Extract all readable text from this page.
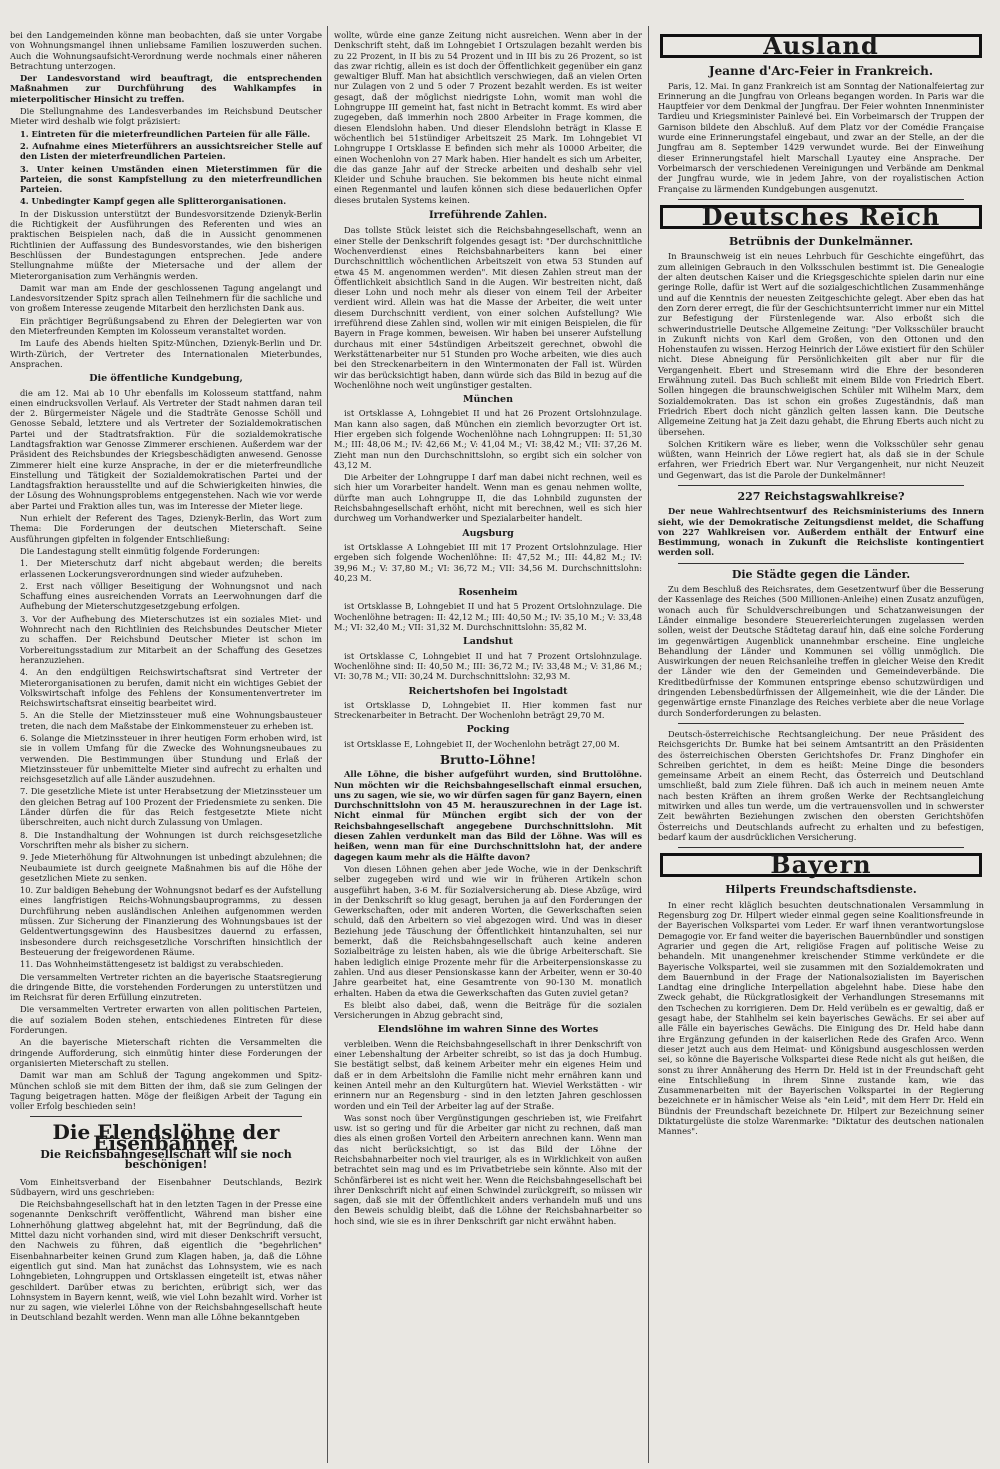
bei den Landgemeinden könne man beobachten, daß sie unter Vorgabe von Wohnungsmangel ihnen unliebsame Familien loszuwerden suchen. Auch die Wohnungsaufsicht-Verordnung werde nochmals einer näheren Betrachtung unterzogen.

Der Landesvorstand wird beauftragt, die entsprechenden Maßnahmen zur Durchführung des Wahlkampfes in mieterpolitischer Hinsicht zu treffen.

Die Stellungnahme des Landesverbandes im Reichsbund Deutscher Mieter wird deshalb wie folgt präzisiert:

1. Eintreten für die mieterfreundlichen Parteien für alle Fälle.

2. Aufnahme eines Mieterführers an aussichtsreicher Stelle auf den Listen der mieterfreundlichen Parteien.

3. Unter keinen Umständen einen Mieterstimmen für die Parteien, die sonst Kampfstellung zu den mieterfreundlichen Parteien.

4. Unbedingter Kampf gegen alle Splitterorganisationen.

In der Diskussion unterstützt der Bundesvorsitzende Dzienyk-Berlin die Richtigkeit der Ausführungen des Referenten und wies an praktischen Beispielen nach, daß die in Aussicht genommenen Richtlinien der Auffassung des Bundesvorstandes, wie den bisherigen Beschlüssen der Bundestagungen entsprechen. Jede andere Stellungnahme müßte der Mietersache und der allem der Mieterorganisation zum Verhängnis werden.

Damit war man am Ende der geschlossenen Tagung angelangt und Landesvorsitzender Spitz sprach allen Teilnehmern für die sachliche und von großem Interesse zeugende Mitarbeit den herzlichsten Dank aus.

Ein prächtiger Begrüßungsabend zu Ehren der Delegierten war von den Mieterfreunden Kempten im Kolosseum veranstaltet worden.

Im Laufe des Abends hielten Spitz-München, Dzienyk-Berlin und Dr. Wirth-Zürich, der Vertreter des Internationalen Mieterbundes, Ansprachen.

Die öffentliche Kundgebung,

die am 12. Mai ab 10 Uhr ebenfalls im Kolosseum stattfand, nahm einen eindrucksvollen Verlauf. Als Vertreter der Stadt nahmen daran teil der 2. Bürgermeister Nägele und die Stadträte Genosse Schöll und Genosse Sebald, letztere und als Vertreter der Sozialdemokratischen Partei und der Stadtratsfraktion. Für die sozialdemokratische Landtagsfraktion war Genosse Zimmerer erschienen. Außerdem war der Präsident des Reichsbundes der Kriegsbeschädigten anwesend. Genosse Zimmerer hielt eine kurze Ansprache, in der er die mieterfreundliche Einstellung und Tätigkeit der Sozialdemokratischen Partei und der Landtagsfraktion herausstellte und auf die Schwierigkeiten hinwies, die der Lösung des Wohnungsproblems entgegenstehen. Nach wie vor werde aber Partei und Fraktion alles tun, was im Interesse der Mieter liege.

Nun erhielt der Referent des Tages, Dzienyk-Berlin, das Wort zum Thema: Die Forderungen der deutschen Mieterschaft. Seine Ausführungen gipfelten in folgender Entschließung:

Die Landestagung stellt einmütig folgende Forderungen:

1. Der Mieterschutz darf nicht abgebaut werden; die bereits erlassenen Lockerungsverordnungen sind wieder aufzuheben.

2. Erst nach völliger Beseitigung der Wohnungsnot und nach Schaffung eines ausreichenden Vorrats an Leerwohnungen darf die Aufhebung der Mieterschutzgesetzgebung erfolgen.

3. Vor der Aufhebung des Mieterschutzes ist ein soziales Miet- und Wohnrecht nach den Richtlinien des Reichsbundes Deutscher Mieter zu schaffen. Der Reichsbund Deutscher Mieter ist schon im Vorbereitungsstadium zur Mitarbeit an der Schaffung des Gesetzes heranzuziehen.

4. An den endgültigen Reichswirtschaftsrat sind Vertreter der Mieterorganisationen zu berufen, damit nicht ein wichtiges Gebiet der Volkswirtschaft infolge des Fehlens der Konsumentenvertreter im Reichswirtschaftsrat einseitig bearbeitet wird.

5. An die Stelle der Mietzinssteuer muß eine Wohnungsbausteuer treten, die nach dem Maßstabe der Einkommensteuer zu erheben ist.

6. Solange die Mietzinssteuer in ihrer heutigen Form erhoben wird, ist sie in vollem Umfang für die Zwecke des Wohnungsneubaues zu verwenden. Die Bestimmungen über Stundung und Erlaß der Mietzinssteuer für unbemittelte Mieter sind aufrecht zu erhalten und reichsgesetzlich auf alle Länder auszudehnen.

7. Die gesetzliche Miete ist unter Herabsetzung der Mietzinssteuer um den gleichen Betrag auf 100 Prozent der Friedensmiete zu senken. Die Länder dürfen die für das Reich festgesetzte Miete nicht überschreiten, auch nicht durch Zulassung von Umlagen.

8. Die Instandhaltung der Wohnungen ist durch reichsgesetzliche Vorschriften mehr als bisher zu sichern.

9. Jede Mieterhöhung für Altwohnungen ist unbedingt abzulehnen; die Neubaumiete ist durch geeignete Maßnahmen bis auf die Höhe der gesetzlichen Miete zu senken.

10. Zur baldigen Behebung der Wohnungsnot bedarf es der Aufstellung eines langfristigen Reichs-Wohnungsbauprogramms, zu dessen Durchführung neben ausländischen Anleihen aufgenommen werden müssen. Zur Sicherung der Finanzierung des Wohnungsbaues ist der Geldentwertungsgewinn des Hausbesitzes dauernd zu erfassen, insbesondere durch reichsgesetzliche Vorschriften hinsichtlich der Besteuerung der freigewordenen Räume.

11. Das Wohnheimstättengesetz ist baldigst zu verabschieden.

Die versammelten Vertreter richten an die bayerische Staatsregierung die dringende Bitte, die vorstehenden Forderungen zu unterstützen und im Reichsrat für deren Erfüllung einzutreten.

Die versammelten Vertreter erwarten von allen politischen Parteien, die auf sozialem Boden stehen, entschiedenes Eintreten für diese Forderungen.

An die bayerische Mieterschaft richten die Versammelten die dringende Aufforderung, sich einmütig hinter diese Forderungen der organisierten Mieterschaft zu stellen.

Damit war man am Schluß der Tagung angekommen und Spitz-München schloß sie mit dem Bitten der ihm, daß sie zum Gelingen der Tagung beigetragen hatten. Möge der fleißigen Arbeit der Tagung ein voller Erfolg beschieden sein!

Die Elendslöhne der Eisenbahner.
Die Reichsbahngesellschaft will sie noch beschönigen!

Vom Einheitsverband der Eisenbahner Deutschlands, Bezirk Südbayern, wird uns geschrieben:

Die Reichsbahngesellschaft hat in den letzten Tagen in der Presse eine sogenannte Denkschrift veröffentlicht, Während man bisher eine Lohnerhöhung glattweg abgelehnt hat, mit der Begründung, daß die Mittel dazu nicht vorhanden sind, wird mit dieser Denkschrift versucht, den Nachweis zu führen, daß eigentlich die "begehrlichen" Eisenbahnarbeiter keinen Grund zum Klagen haben, ja, daß die Löhne eigentlich gut sind. Man hat zunächst das Lohnsystem, wie es nach Lohngebieten, Lohngruppen und Ortsklassen eingeteilt ist, etwas näher geschildert. Darüber etwas zu berichten, erübrigt sich, wer das Lohnsystem in Bayern kennt, weiß, wie viel Lohn bezahlt wird. Vorher ist nur zu sagen, wie vielerlei Löhne von der Reichsbahngesellschaft heute in Deutschland bezahlt werden. Wenn man alle Löhne bekanntgeben

wollte, würde eine ganze Zeitung nicht ausreichen. Wenn aber in der Denkschrift steht, daß im Lohngebiet I Ortszulagen bezahlt werden bis zu 22 Prozent, in II bis zu 54 Prozent und in III bis zu 26 Prozent, so ist das zwar richtig, allein es ist doch der Öffentlichkeit gegenüber ein ganz gewaltiger Bluff. Man hat absichtlich verschwiegen, daß an vielen Orten nur Zulagen von 2 und 5 oder 7 Prozent bezahlt werden. Es ist weiter gesagt, daß der möglichst niedrigste Lohn, womit man wohl die Lohngruppe III gemeint hat, fast nicht in Betracht kommt. Es wird aber zugegeben, daß immerhin noch 2800 Arbeiter in Frage kommen, die diesen Elendslohn haben. Und dieser Elendslohn beträgt in Klasse E wöchentlich bei 51stündiger Arbeitszeit 25 Mark. Im Lohngebiet VI Lohngruppe I Ortsklasse E befinden sich mehr als 10000 Arbeiter, die einen Wochenlohn von 27 Mark haben. Hier handelt es sich um Arbeiter, die das ganze Jahr auf der Strecke arbeiten und deshalb sehr viel Kleider und Schuhe brauchen. Sie bekommen bis heute nicht einmal einen Regenmantel und laufen können sich diese bedauerlichen Opfer dieses brutalen Systems keinen.

Irreführende Zahlen.

Das tollste Stück leistet sich die Reichsbahngesellschaft, wenn an einer Stelle der Denkschrift folgendes gesagt ist: "Der durchschnittliche Wochenverdienst eines Reichsbahnarbeiters kann bei einer Durchschnittlich wöchentlichen Arbeitszeit von etwa 53 Stunden auf etwa 45 M. angenommen werden". Mit diesen Zahlen streut man der Öffentlichkeit absichtlich Sand in die Augen. Wir bestreiten nicht, daß dieser Lohn und noch mehr als dieser von einem Teil der Arbeiter verdient wird. Allein was hat die Masse der Arbeiter, die weit unter diesem Durchschnitt verdient, von einer solchen Aufstellung? Wie irreführend diese Zahlen sind, wollen wir mit einigen Beispielen, die für Bayern in Frage kommen, beweisen. Wir haben bei unserer Aufstellung durchaus mit einer 54stündigen Arbeitszeit gerechnet, obwohl die Werkstättenarbeiter nur 51 Stunden pro Woche arbeiten, wie dies auch bei den Streckenarbeitern in den Wintermonaten der Fall ist. Würden wir das berücksichtigt haben, dann würde sich das Bild in bezug auf die Wochenlöhne noch weit ungünstiger gestalten.

München

ist Ortsklasse A, Lohngebiet II und hat 26 Prozent Ortslohnzulage. Man kann also sagen, daß München ein ziemlich bevorzugter Ort ist. Hier ergeben sich folgende Wochenlöhne nach Lohngruppen: II: 51,30 M.; III: 48,06 M.; IV: 42,66 M.; V: 41,04 M.; VI: 38,42 M.; VII: 37,26 M. Zieht man nun den Durchschnittslohn, so ergibt sich ein solcher von 43,12 M.

Die Arbeiter der Lohngruppe I darf man dabei nicht rechnen, weil es sich hier um Vorarbeiter handelt. Wenn man es genau nehmen wollte, dürfte man auch Lohngruppe II, die das Lohnbild zugunsten der Reichsbahngesellschaft erhöht, nicht mit berechnen, weil es sich hier durchweg um Vorhandwerker und Spezialarbeiter handelt.

Augsburg

ist Ortsklasse A Lohngebiet III mit 17 Prozent Ortslohnzulage. Hier ergeben sich folgende Wochenlöhne: II: 47,52 M.; III: 44,82 M.; IV: 39,96 M.; V: 37,80 M.; VI: 36,72 M.; VII: 34,56 M. Durchschnittslohn: 40,23 M.

Rosenheim

ist Ortsklasse B, Lohngebiet II und hat 5 Prozent Ortslohnzulage. Die Wochenlöhne betragen: II: 42,12 M.; III: 40,50 M.; IV: 35,10 M.; V: 33,48 M.; VI: 32,40 M.; VII: 31,32 M. Durchschnittslohn: 35,82 M.

Landshut

ist Ortsklasse C, Lohngebiet II und hat 7 Prozent Ortslohnzulage. Wochenlöhne sind: II: 40,50 M.; III: 36,72 M.; IV: 33,48 M.; V: 31,86 M.; VI: 30,78 M.; VII: 30,24 M. Durchschnittslohn: 32,93 M.

Reichertshofen bei Ingolstadt

ist Ortsklasse D, Lohngebiet II. Hier kommen fast nur Streckenarbeiter in Betracht. Der Wochenlohn beträgt 29,70 M.

Pocking

ist Ortsklasse E, Lohngebiet II, der Wochenlohn beträgt 27,00 M.

Brutto-Löhne!

Alle Löhne, die bisher aufgeführt wurden, sind Bruttolöhne. Nun möchten wir die Reichsbahngesellschaft einmal ersuchen, uns zu sagen, wie sie, wo wir dürfen sagen für ganz Bayern, einen Durchschnittslohn von 45 M. herauszurechnen in der Lage ist. Nicht einmal für München ergibt sich der von der Reichsbahngesellschaft angegebene Durchschnittslohn. Mit diesen Zahlen verdunkelt man das Bild der Löhne. Was will es heißen, wenn man für eine Durchschnittslohn hat, der andere dagegen kaum mehr als die Hälfte davon?

Von diesen Löhnen gehen aber jede Woche, wie in der Denkschrift selber zugegeben wird und wie wir in früheren Artikeln schon ausgeführt haben, 3-6 M. für Sozialversicherung ab. Diese Abzüge, wird in der Denkschrift so klug gesagt, beruhen ja auf den Forderungen der Gewerkschaften, oder mit anderen Worten, die Gewerkschaften seien schuld, daß den Arbeitern so viel abgezogen wird. Und was in dieser Beziehung jede Täuschung der Öffentlichkeit hintanzuhalten, sei nur bemerkt, daß die Reichsbahngesellschaft auch keine anderen Sozialbeiträge zu leisten haben, als wie die übrige Arbeiterschaft. Sie haben lediglich einige Prozente mehr für die Arbeiterpensionskasse zu zahlen. Und aus dieser Pensionskasse kann der Arbeiter, wenn er 30-40 Jahre gearbeitet hat, eine Gesamtrente von 90-130 M. monatlich erhalten. Haben da etwa die Gewerkschaften das Guten zuviel getan?

Es bleibt also dabei, daß, wenn die Beiträge für die sozialen Versicherungen in Abzug gebracht sind,

Elendslöhne im wahren Sinne des Wortes

verbleiben. Wenn die Reichsbahngesellschaft in ihrer Denkschrift von einer Lebenshaltung der Arbeiter schreibt, so ist das ja doch Humbug. Sie bestätigt selbst, daß keinem Arbeiter mehr ein eigenes Heim und daß er in dem Arbeitslohn die Familie nicht mehr ernähren kann und keinen Anteil mehr an den Kulturgütern hat. Wieviel Werkstätten - wir erinnern nur an Regensburg - sind in den letzten Jahren geschlossen worden und ein Teil der Arbeiter lag auf der Straße.

Was sonst noch über Vergünstigungen geschrieben ist, wie Freifahrt usw. ist so gering und für die Arbeiter gar nicht zu rechnen, daß man dies als einen großen Vorteil den Arbeitern anrechnen kann. Wenn man das nicht berücksichtigt, so ist das Bild der Löhne der Reichsbahnarbeiter noch viel trauriger, als es in Wirklichkeit von außen betrachtet sein mag und es im Privatbetriebe sein könnte. Also mit der Schönfärberei ist es nicht weit her. Wenn die Reichsbahngesellschaft bei ihrer Denkschrift nicht auf einen Schwindel zurückgreift, so müssen wir sagen, daß sie mit der Öffentlichkeit anders verhandeln muß und uns den Beweis schuldig bleibt, daß die Löhne der Reichsbahnarbeiter so hoch sind, wie sie es in ihrer Denkschrift gar nicht erwähnt haben.

Ausland
Jeanne d'Arc-Feier in Frankreich.

Paris, 12. Mai. In ganz Frankreich ist am Sonntag der Nationalfeiertag zur Erinnerung an die Jungfrau von Orleans begangen worden. In Paris war die Hauptfeier vor dem Denkmal der Jungfrau. Der Feier wohnten Innenminister Tardieu und Kriegsminister Painlevé bei. Ein Vorbeimarsch der Truppen der Garnison bildete den Abschluß. Auf dem Platz vor der Comédie Française wurde eine Erinnerungstafel eingebaut, und zwar an der Stelle, an der die Jungfrau am 8. September 1429 verwundet wurde. Bei der Einweihung dieser Erinnerungstafel hielt Marschall Lyautey eine Ansprache. Der Vorbeimarsch der verschiedenen Vereinigungen und Verbände am Denkmal der Jungfrau wurde, wie in jedem Jahre, von der royalistischen Action Française zu lärmenden Kundgebungen ausgenutzt.

Deutsches Reich
Betrübnis der Dunkelmänner.

In Braunschweig ist ein neues Lehrbuch für Geschichte eingeführt, das zum alleinigen Gebrauch in den Volksschulen bestimmt ist. Die Genealogie der alten deutschen Kaiser und die Kriegsgeschichte spielen darin nur eine geringe Rolle, dafür ist Wert auf die sozialgeschichtlichen Zusammenhänge und auf die Kenntnis der neuesten Zeitgeschichte gelegt. Aber eben das hat den Zorn derer erregt, die für der Geschichtsunterricht immer nur ein Mittel zur Befestigung der Fürstenlegende war. Also erboßt sich die schwerindustrielle Deutsche Allgemeine Zeitung: "Der Volksschüler braucht in Zukunft nichts von Karl dem Großen, von den Ottonen und den Hohenstaufen zu wissen. Herzog Heinrich der Löwe existiert für den Schüler nicht. Diese Abneigung für Persönlichkeiten gilt aber nur für die Vergangenheit. Ebert und Stresemann wird die Ehre der besonderen Erwähnung zuteil. Das Buch schließt mit einem Bilde von Friedrich Ebert. Sollen hingegen die braunschweigischen Schüler mit Wilhelm Marx, dem Sozialdemokraten. Das ist schon ein großes Zugeständnis, daß man Friedrich Ebert doch nicht gänzlich gelten lassen kann. Die Deutsche Allgemeine Zeitung hat ja Zeit dazu gehabt, die Ehrung Eberts auch nicht zu übersehen.

Solchen Kritikern wäre es lieber, wenn die Volksschüler sehr genau wüßten, wann Heinrich der Löwe regiert hat, als daß sie in der Schule erfahren, wer Friedrich Ebert war. Nur Vergangenheit, nur nicht Neuzeit und Gegenwart, das ist die Parole der Dunkelmänner!

227 Reichstagswahlkreise?

Der neue Wahlrechtsentwurf des Reichsministeriums des Innern sieht, wie der Demokratische Zeitungsdienst meldet, die Schaffung von 227 Wahlkreisen vor. Außerdem enthält der Entwurf eine Bestimmung, wonach in Zukunft die Reichsliste kontingentiert werden soll.

Die Städte gegen die Länder.

Zu dem Beschluß des Reichsrates, dem Gesetzentwurf über die Besserung der Kassenlage des Reiches (500 Millionen-Anleihe) einen Zusatz anzufügen, wonach auch für Schuldverschreibungen und Schatzanweisungen der Länder einmalige besondere Steuererleichterungen zugelassen werden sollen, weist der Deutsche Städtetag darauf hin, daß eine solche Forderung im gegenwärtigen Augenblick unannehmbar erscheine. Eine ungleiche Behandlung der Länder und Kommunen sei völlig unmöglich. Die Auswirkungen der neuen Reichsanleihe treffen in gleicher Weise den Kredit der Länder wie den der Gemeinden und Gemeindeverbände. Die Kreditbedürfnisse der Kommunen entspringe ebenso schutzwürdigen und dringenden Lebensbedürfnissen der Allgemeinheit, wie die der Länder. Die gegenwärtige ernste Finanzlage des Reiches verbiete aber die neue Vorlage durch Sonderforderungen zu belasten.

Deutsch-österreichische Rechtsangleichung. Der neue Präsident des Reichsgerichts Dr. Bumke hat bei seinem Amtsantritt an den Präsidenten des österreichischen Obersten Gerichtshofes Dr. Franz Dinghofer ein Schreiben gerichtet, in dem es heißt: Meine Dinge die besonders gemeinsame Arbeit an einem Recht, das Österreich und Deutschland umschließt, bald zum Ziele führen. Daß ich auch in meinem neuen Amte nach besten Kräften an ihrem großen Werke der Rechtsangleichung mitwirken und alles tun werde, um die vertrauensvollen und in schwerster Zeit bewährten Beziehungen zwischen den obersten Gerichtshöfen Österreichs und Deutschlands aufrecht zu erhalten und zu befestigen, bedarf kaum der ausdrücklichen Versicherung.

Bayern
Hilperts Freundschaftsdienste.

In einer recht kläglich besuchten deutschnationalen Versammlung in Regensburg zog Dr. Hilpert wieder einmal gegen seine Koalitionsfreunde in der Bayerischen Volkspartei vom Leder. Er warf ihnen verantwortungslose Demagogie vor. Er fand weiter die bayerischen Bauernbündler und sonstigen Agrarier und gegen die Art, religiöse Fragen auf politische Weise zu behandeln. Mit unangenehmer kreischender Stimme verkündete er die Bayerische Volkspartei, weil sie zusammen mit den Sozialdemokraten und dem Bauernbund in der Frage der Nationalsozialisten im Bayerischen Landtag eine dringliche Interpellation abgelehnt habe. Diese habe den Zweck gehabt, die Rückgratlosigkeit der Verhandlungen Stresemanns mit den Tschechen zu korrigieren. Dem Dr. Held verübeln es er gewaltig, daß er gesagt habe, der Stahlhelm sei kein bayerisches Gewächs. Er sei aber auf alle Fälle ein bayerisches Gewächs. Die Einigung des Dr. Held habe dann ihre Ergänzung gefunden in der kaiserlichen Rede des Grafen Arco. Wenn dieser jetzt auch aus dem Heimat- und Königsbund ausgeschlossen werden sei, so könne die Bayerische Volkspartei diese Rede nicht als gut heißen, die sonst zu ihrer Annäherung des Herrn Dr. Held ist in der Freundschaft geht eine Entschließung in ihrem Sinne zustande kam, wie das Zusammenarbeiten mit der Bayerischen Volkspartei in der Regierung bezeichnete er in hämischer Weise als "ein Leid", mit dem Herr Dr. Held ein Bündnis der Freundschaft bezeichnete Dr. Hilpert zur Bezeichnung seiner Diktaturgelüste die stolze Warenmarke: "Diktatur des deutschen nationalen Mannes".
